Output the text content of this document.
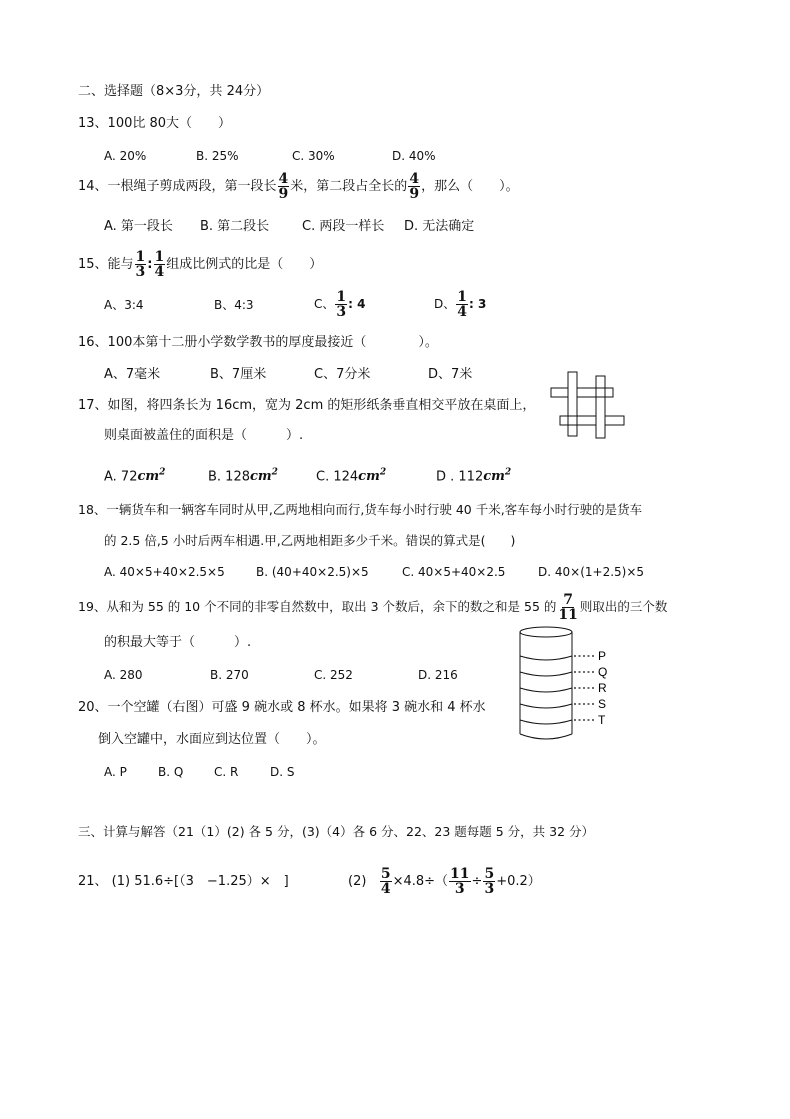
二、选择题（8×3分，共 24分）
13、100比 80大（　　）
A. 20%	B. 25%	C. 30%	D. 40%
14、一根绳子剪成两段，第一段长 $\frac{4}{9}$ 米，第二段占全长的 $\frac{4}{9}$ ，那么（　　）。
A. 第一段长 B. 第二段长	C. 两段一样长 D. 无法确定
15、能与 $\frac{1}{3}$ : $\frac{1}{4}$ 组成比例式的比是（　　）
A、3:4	B、4:3	C、 $\frac{1}{3}$ : 4	D、 $\frac{1}{4}$ : 3
16、100本第十二册小学数学教书的厚度最接近（　　　　）。
A、7毫米	B、7厘米	C、7分米	D、7米
17、如图，将四条长为 16cm，宽为 2cm 的矩形纸条垂直相交平放在桌面上，
则桌面被盖住的面积是（　　　）.
A. $72cm^2$	B. $128cm^2$	C. $124cm^2$	D . $112cm^2$
18、一辆货车和一辆客车同时从甲,乙两地相向而行,货车每小时行驶 40 千米,客车每小时行驶的是货车
的 2.5 倍,5 小时后两车相遇.甲,乙两地相距多少千米。错误的算式是(　　)
A. 40×5+40×2.5×5	B. (40+40×2.5)×5	C. 40×5+40×2.5	D. 40×(1+2.5)×5
19、从和为 55 的 10 个不同的非零自然数中，取出 3 个数后，余下的数之和是 55 的 $\frac{7}{11}$ 则取出的三个数
的积最大等于（　　　）.
A. 280	B. 270	C. 252	D. 216
P
Q
R
S
T
20、一个空罐（右图）可盛 9 碗水或 8 杯水。如果将 3 碗水和 4 杯水
倒入空罐中，水面应到达位置（　　）。
A. P	B. Q	C. R	D. S
三、计算与解答（21（1）(2) 各 5 分，(3)（4）各 6 分、22、23 题每题 5 分，共 32 分）
21、 (1) 51.6÷[（3　−1.25）×　]	$(2) \frac{5}{4} \times 4.8\div( \frac{11}{3} \div \frac{5}{3} +0.2)$
